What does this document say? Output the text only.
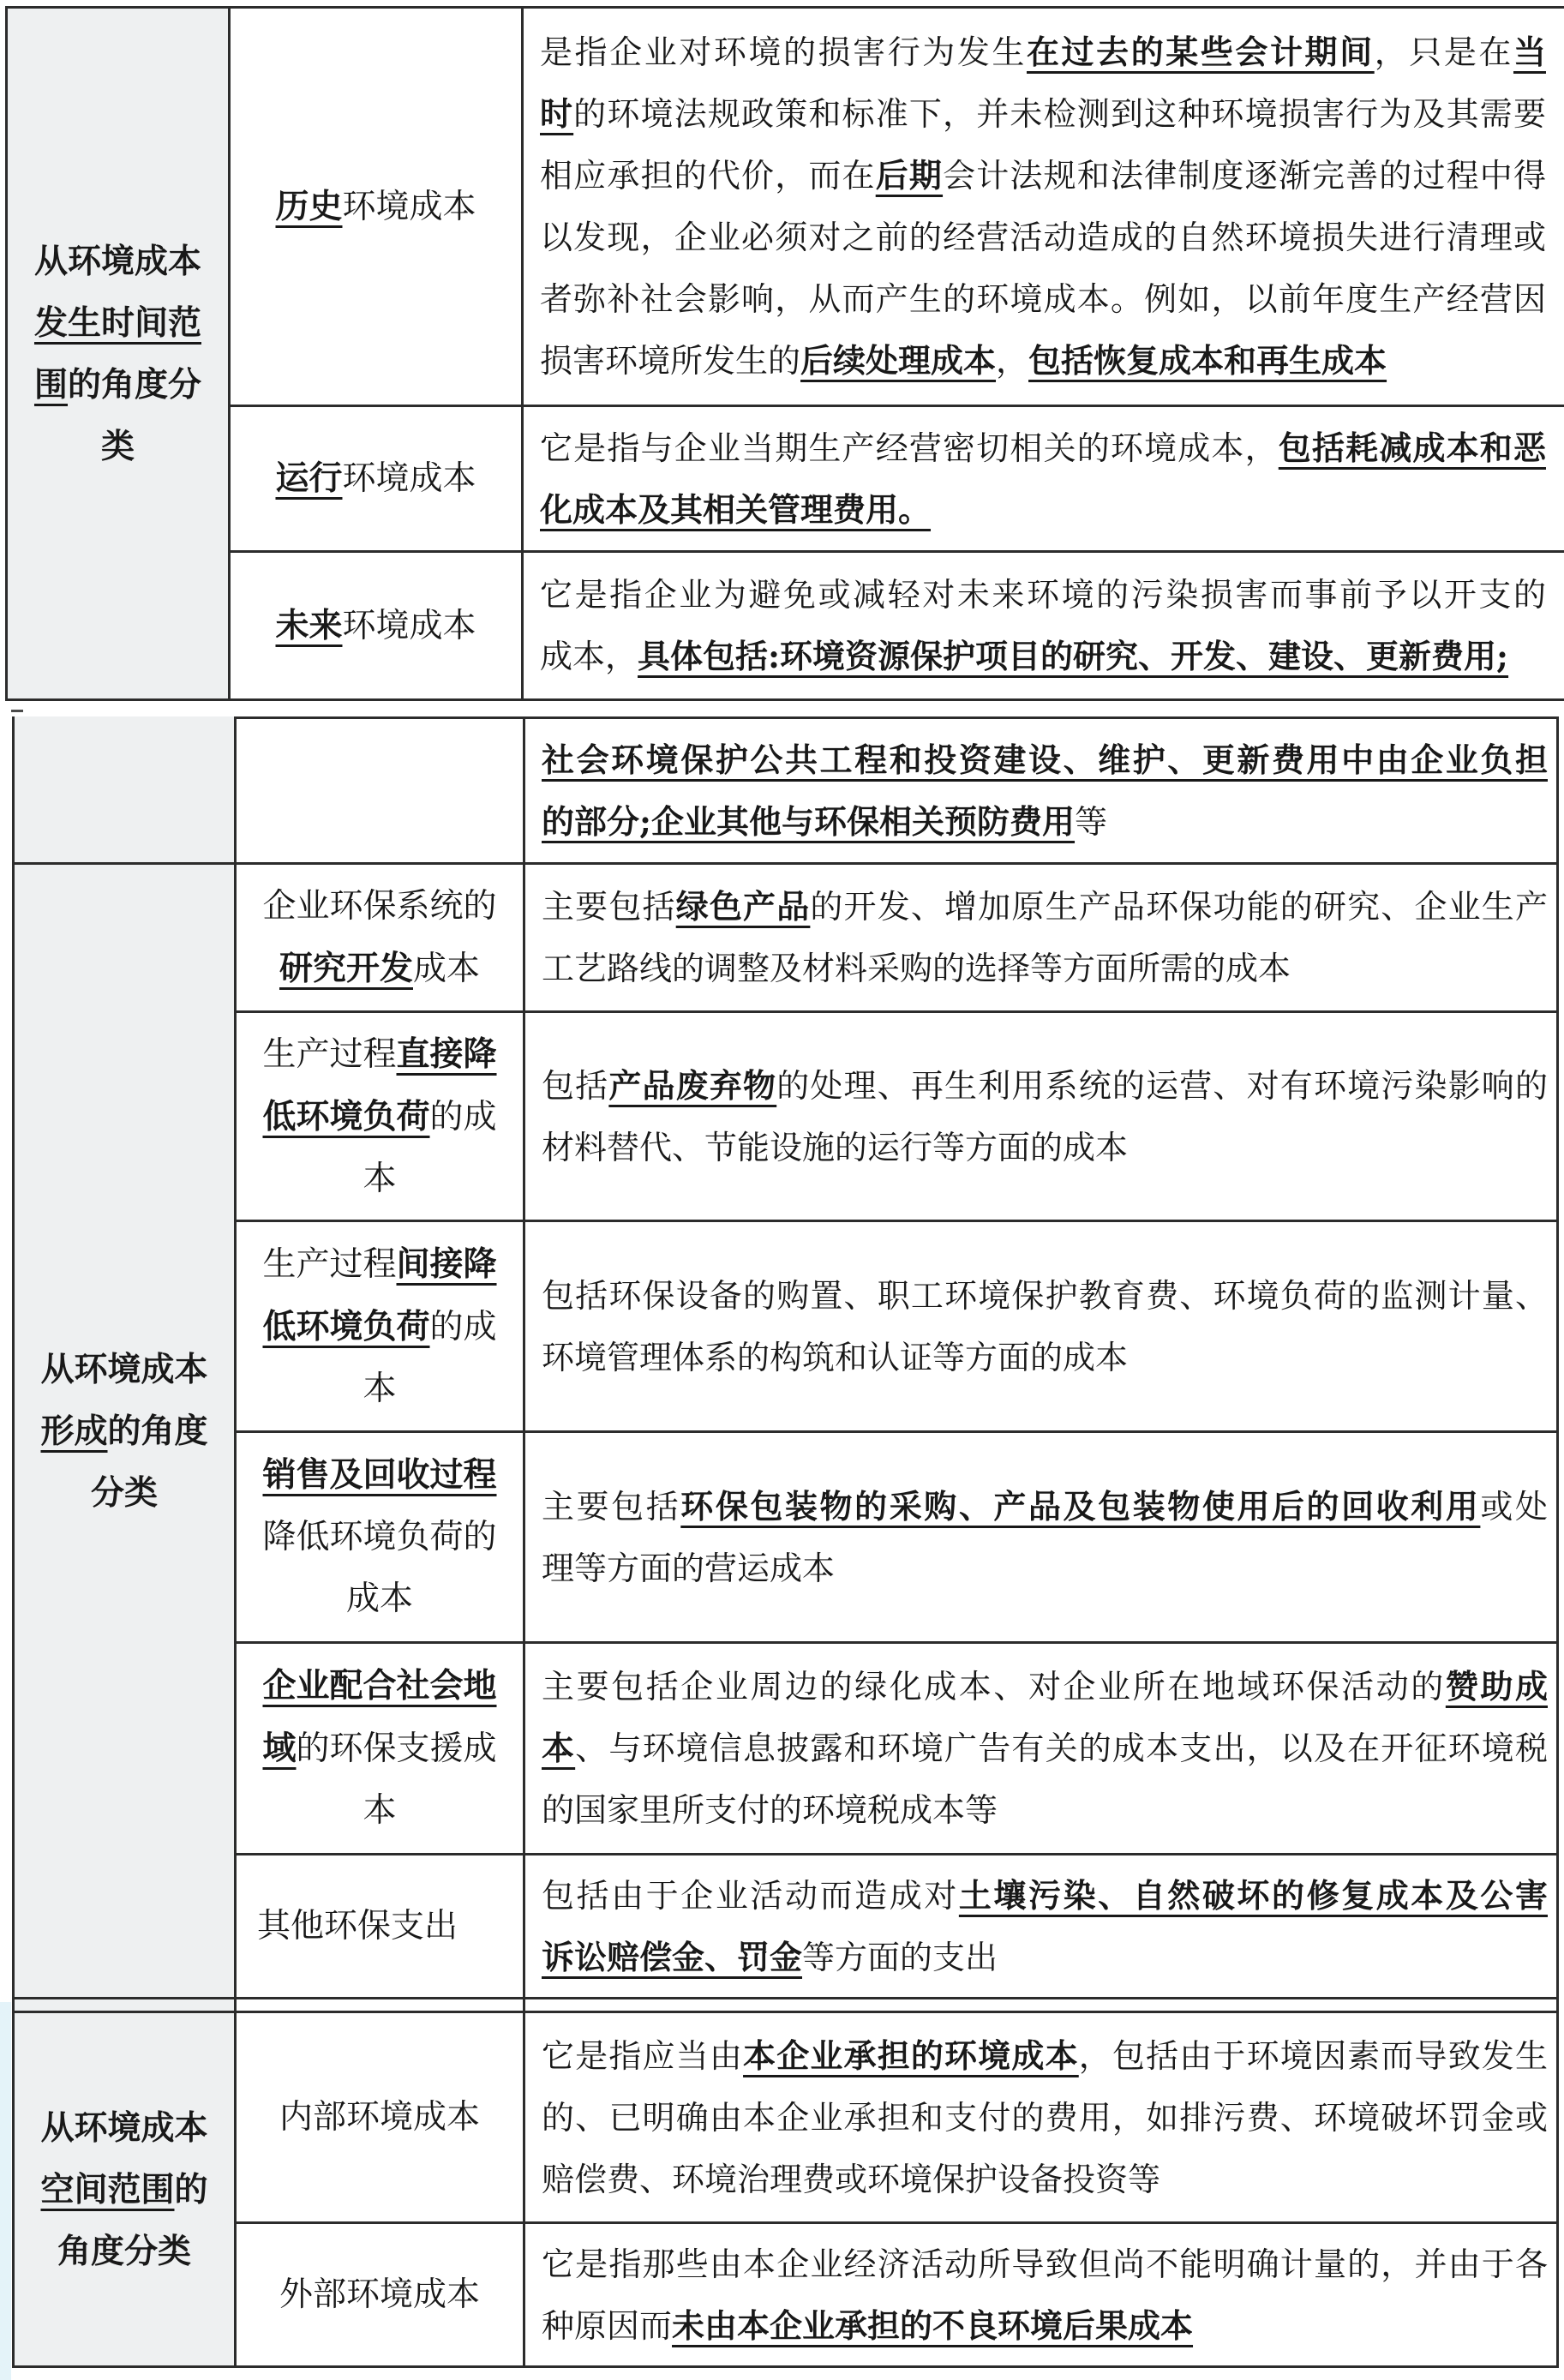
从环境成本
发生时间范
围的角度分
类
历史环境成本
是指企业对环境的损害行为发生在过去的某些会计期间，只是在当
时的环境法规政策和标准下，并未检测到这种环境损害行为及其需要
相应承担的代价，而在后期会计法规和法律制度逐渐完善的过程中得
以发现，企业必须对之前的经营活动造成的自然环境损失进行清理或
者弥补社会影响，从而产生的环境成本。例如，以前年度生产经营因
损害环境所发生的后续处理成本，包括恢复成本和再生成本
运行环境成本
它是指与企业当期生产经营密切相关的环境成本，包括耗减成本和恶
化成本及其相关管理费用。
未来环境成本
它是指企业为避免或减轻对未来环境的污染损害而事前予以开支的
成本，具体包括:环境资源保护项目的研究、开发、建设、更新费用;
社会环境保护公共工程和投资建设、维护、更新费用中由企业负担
的部分;企业其他与环保相关预防费用等
从环境成本
形成的角度
分类
企业环保系统的
研究开发成本
主要包括绿色产品的开发、增加原生产品环保功能的研究、企业生产
工艺路线的调整及材料采购的选择等方面所需的成本
生产过程直接降
低环境负荷的成
本
包括产品废弃物的处理、再生利用系统的运营、对有环境污染影响的
材料替代、节能设施的运行等方面的成本
生产过程间接降
低环境负荷的成
本
包括环保设备的购置、职工环境保护教育费、环境负荷的监测计量、
环境管理体系的构筑和认证等方面的成本
销售及回收过程
降低环境负荷的
成本
主要包括环保包装物的采购、产品及包装物使用后的回收利用或处
理等方面的营运成本
企业配合社会地
域的环保支援成
本
主要包括企业周边的绿化成本、对企业所在地域环保活动的赞助成
本、与环境信息披露和环境广告有关的成本支出，以及在开征环境税
的国家里所支付的环境税成本等
其他环保支出
包括由于企业活动而造成对土壤污染、自然破坏的修复成本及公害
诉讼赔偿金、罚金等方面的支出
从环境成本
空间范围的
角度分类
内部环境成本
它是指应当由本企业承担的环境成本，包括由于环境因素而导致发生
的、已明确由本企业承担和支付的费用，如排污费、环境破坏罚金或
赔偿费、环境治理费或环境保护设备投资等
外部环境成本
它是指那些由本企业经济活动所导致但尚不能明确计量的，并由于各
种原因而未由本企业承担的不良环境后果成本
